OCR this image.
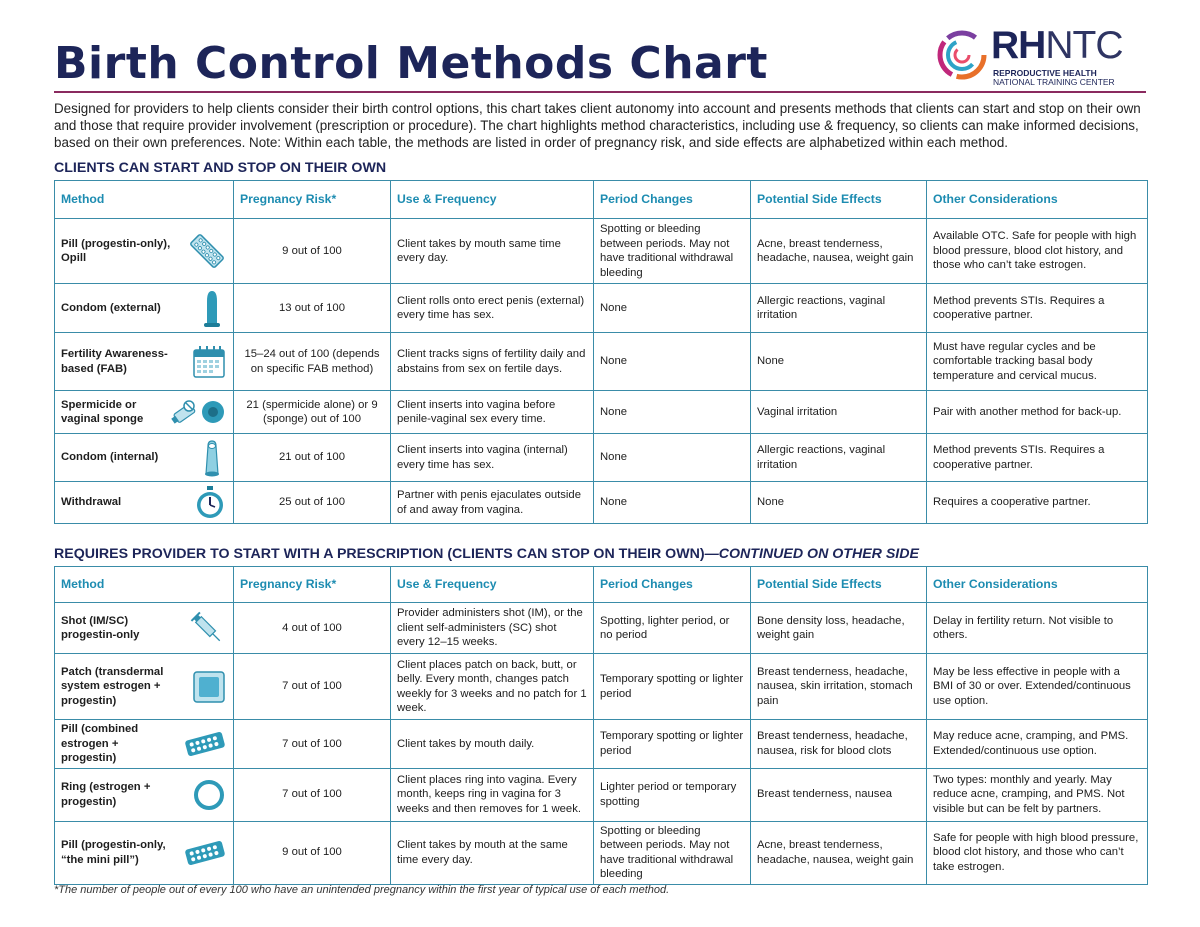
Birth Control Methods Chart	RHNTC
REPRODUCTIVE HEALTH
NATIONAL TRAINING CENTER
Designed for providers to help clients consider their birth control options, this chart takes client autonomy into account and presents methods that clients can start and stop on their own and those that require provider involvement (prescription or procedure). The chart highlights method characteristics, including use & frequency, so clients can make informed decisions, based on their own preferences. Note: Within each table, the methods are listed in order of pregnancy risk, and side effects are alphabetized within each method.
CLIENTS CAN START AND STOP ON THEIR OWN
Method	Pregnancy Risk*	Use & Frequency	Period Changes	Potential Side Effects	Other Considerations
Pill (progestin-only), Opill	9 out of 100	Client takes by mouth same time every day.	Spotting or bleeding between periods. May not have traditional withdrawal bleeding	Acne, breast tenderness, headache, nausea, weight gain	Available OTC. Safe for people with high blood pressure, blood clot history, and those who can’t take estrogen.
Condom (external)	13 out of 100	Client rolls onto erect penis (external) every time has sex.	None	Allergic reactions, vaginal irritation	Method prevents STIs. Requires a cooperative partner.
Fertility Awareness-based (FAB)	15–24 out of 100 (depends on specific FAB method)	Client tracks signs of fertility daily and abstains from sex on fertile days.	None	None	Must have regular cycles and be comfortable tracking basal body temperature and cervical mucus.
Spermicide or vaginal sponge	21 (spermicide alone) or 9 (sponge) out of 100	Client inserts into vagina before penile-vaginal sex every time.	None	Vaginal irritation	Pair with another method for back-up.
Condom (internal)	21 out of 100	Client inserts into vagina (internal) every time has sex.	None	Allergic reactions, vaginal irritation	Method prevents STIs. Requires a cooperative partner.
Withdrawal	25 out of 100	Partner with penis ejaculates outside of and away from vagina.	None	None	Requires a cooperative partner.
REQUIRES PROVIDER TO START WITH A PRESCRIPTION (CLIENTS CAN STOP ON THEIR OWN)—CONTINUED ON OTHER SIDE
Method	Pregnancy Risk*	Use & Frequency	Period Changes	Potential Side Effects	Other Considerations
Shot (IM/SC) progestin-only	4 out of 100	Provider administers shot (IM), or the client self-administers (SC) shot every 12–15 weeks.	Spotting, lighter period, or no period	Bone density loss, headache, weight gain	Delay in fertility return. Not visible to others.
Patch (transdermal system estrogen + progestin)	7 out of 100	Client places patch on back, butt, or belly. Every month, changes patch weekly for 3 weeks and no patch for 1 week.	Temporary spotting or lighter period	Breast tenderness, headache, nausea, skin irritation, stomach pain	May be less effective in people with a BMI of 30 or over. Extended/continuous use option.
Pill (combined estrogen + progestin)	7 out of 100	Client takes by mouth daily.	Temporary spotting or lighter period	Breast tenderness, headache, nausea, risk for blood clots	May reduce acne, cramping, and PMS. Extended/continuous use option.
Ring (estrogen + progestin)	7 out of 100	Client places ring into vagina. Every month, keeps ring in vagina for 3 weeks and then removes for 1 week.	Lighter period or temporary spotting	Breast tenderness, nausea	Two types: monthly and yearly. May reduce acne, cramping, and PMS. Not visible but can be felt by partners.
Pill (progestin-only, “the mini pill”)	9 out of 100	Client takes by mouth at the same time every day.	Spotting or bleeding between periods. May not have traditional withdrawal bleeding	Acne, breast tenderness, headache, nausea, weight gain	Safe for people with high blood pressure, blood clot history, and those who can’t take estrogen.
*The number of people out of every 100 who have an unintended pregnancy within the first year of typical use of each method.
